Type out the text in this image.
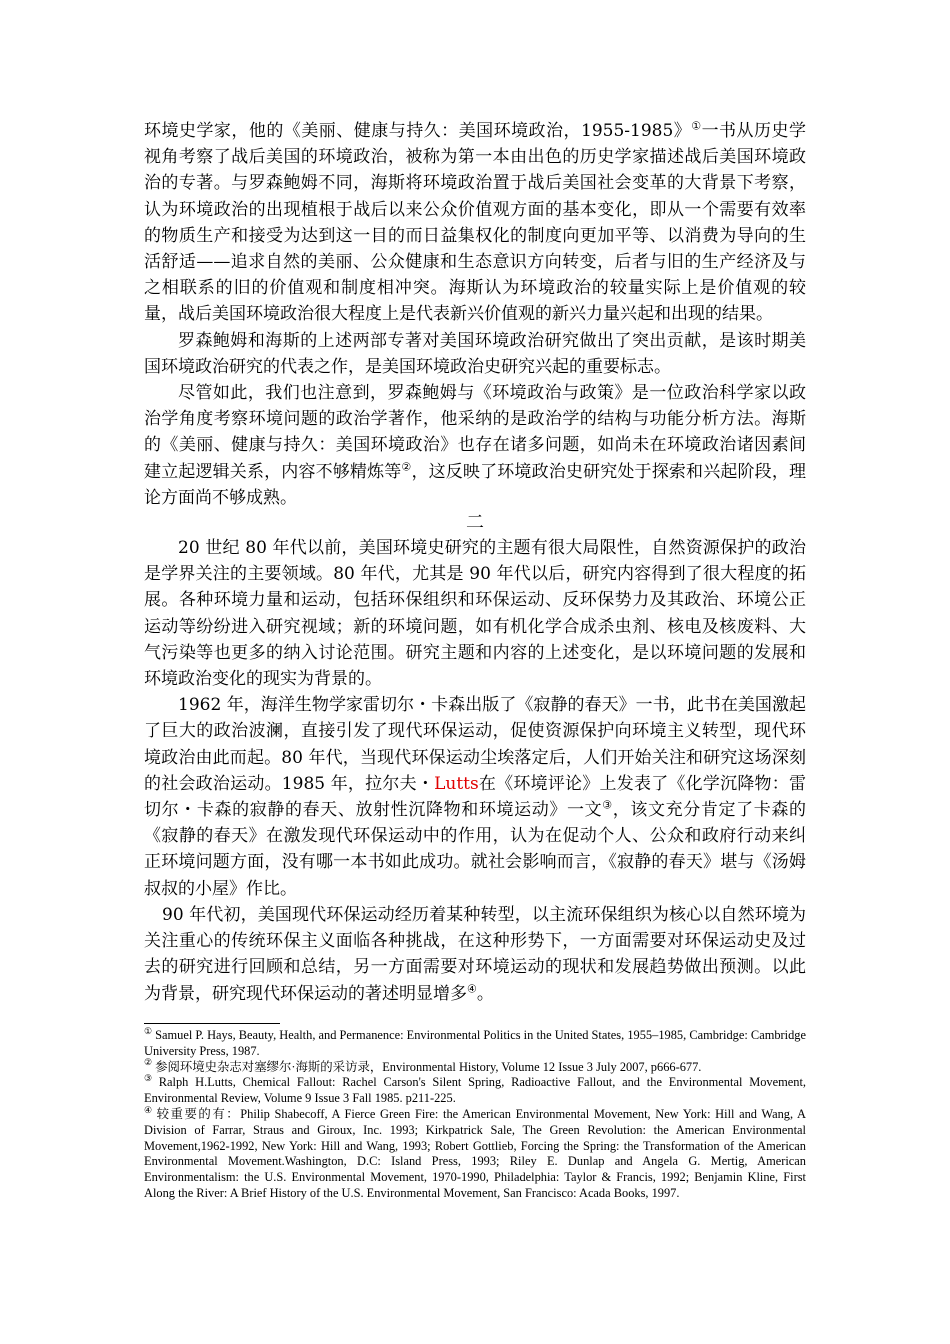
环境史学家，他的《美丽、健康与持久：美国环境政治，1955-1985》①一书从历史学视角考察了战后美国的环境政治，被称为第一本由出色的历史学家描述战后美国环境政治的专著。与罗森鲍姆不同，海斯将环境政治置于战后美国社会变革的大背景下考察，认为环境政治的出现植根于战后以来公众价值观方面的基本变化，即从一个需要有效率的物质生产和接受为达到这一目的而日益集权化的制度向更加平等、以消费为导向的生活舒适——追求自然的美丽、公众健康和生态意识方向转变，后者与旧的生产经济及与之相联系的旧的价值观和制度相冲突。海斯认为环境政治的较量实际上是价值观的较量，战后美国环境政治很大程度上是代表新兴价值观的新兴力量兴起和出现的结果。

罗森鲍姆和海斯的上述两部专著对美国环境政治研究做出了突出贡献，是该时期美国环境政治研究的代表之作，是美国环境政治史研究兴起的重要标志。

尽管如此，我们也注意到，罗森鲍姆与《环境政治与政策》是一位政治科学家以政治学角度考察环境问题的政治学著作，他采纳的是政治学的结构与功能分析方法。海斯的《美丽、健康与持久：美国环境政治》也存在诸多问题，如尚未在环境政治诸因素间建立起逻辑关系，内容不够精炼等②，这反映了环境政治史研究处于探索和兴起阶段，理论方面尚不够成熟。

二

20 世纪 80 年代以前，美国环境史研究的主题有很大局限性，自然资源保护的政治是学界关注的主要领域。80 年代，尤其是 90 年代以后，研究内容得到了很大程度的拓展。各种环境力量和运动，包括环保组织和环保运动、反环保势力及其政治、环境公正运动等纷纷进入研究视域；新的环境问题，如有机化学合成杀虫剂、核电及核废料、大气污染等也更多的纳入讨论范围。研究主题和内容的上述变化，是以环境问题的发展和环境政治变化的现实为背景的。

1962 年，海洋生物学家雷切尔・卡森出版了《寂静的春天》一书，此书在美国激起了巨大的政治波澜，直接引发了现代环保运动，促使资源保护向环境主义转型，现代环境政治由此而起。80 年代，当现代环保运动尘埃落定后，人们开始关注和研究这场深刻的社会政治运动。1985 年，拉尔夫・Lutts在《环境评论》上发表了《化学沉降物：雷切尔・卡森的寂静的春天、放射性沉降物和环境运动》一文③，该文充分肯定了卡森的《寂静的春天》在激发现代环保运动中的作用，认为在促动个人、公众和政府行动来纠正环境问题方面，没有哪一本书如此成功。就社会影响而言，《寂静的春天》堪与《汤姆叔叔的小屋》作比。

90 年代初，美国现代环保运动经历着某种转型，以主流环保组织为核心以自然环境为关注重心的传统环保主义面临各种挑战，在这种形势下，一方面需要对环保运动史及过去的研究进行回顾和总结，另一方面需要对环境运动的现状和发展趋势做出预测。以此为背景，研究现代环保运动的著述明显增多④。

① Samuel P. Hays, Beauty, Health, and Permanence: Environmental Politics in the United States, 1955–1985, Cambridge: Cambridge University Press, 1987.

② 参阅环境史杂志对塞缪尔·海斯的采访录，Environmental History, Volume 12 Issue 3 July 2007, p666-677.

③ Ralph H.Lutts, Chemical Fallout: Rachel Carson's Silent Spring, Radioactive Fallout, and the Environmental Movement, Environmental Review, Volume 9 Issue 3 Fall 1985. p211-225.

④ 较重要的有：Philip Shabecoff, A Fierce Green Fire: the American Environmental Movement, New York: Hill and Wang, A Division of Farrar, Straus and Giroux, Inc. 1993; Kirkpatrick Sale, The Green Revolution: the American Environmental Movement,1962-1992, New York: Hill and Wang, 1993; Robert Gottlieb, Forcing the Spring: the Transformation of the American Environmental Movement.Washington, D.C: Island Press, 1993; Riley E. Dunlap and Angela G. Mertig, American Environmentalism: the U.S. Environmental Movement, 1970-1990, Philadelphia: Taylor & Francis, 1992; Benjamin Kline, First Along the River: A Brief History of the U.S. Environmental Movement, San Francisco: Acada Books, 1997.
